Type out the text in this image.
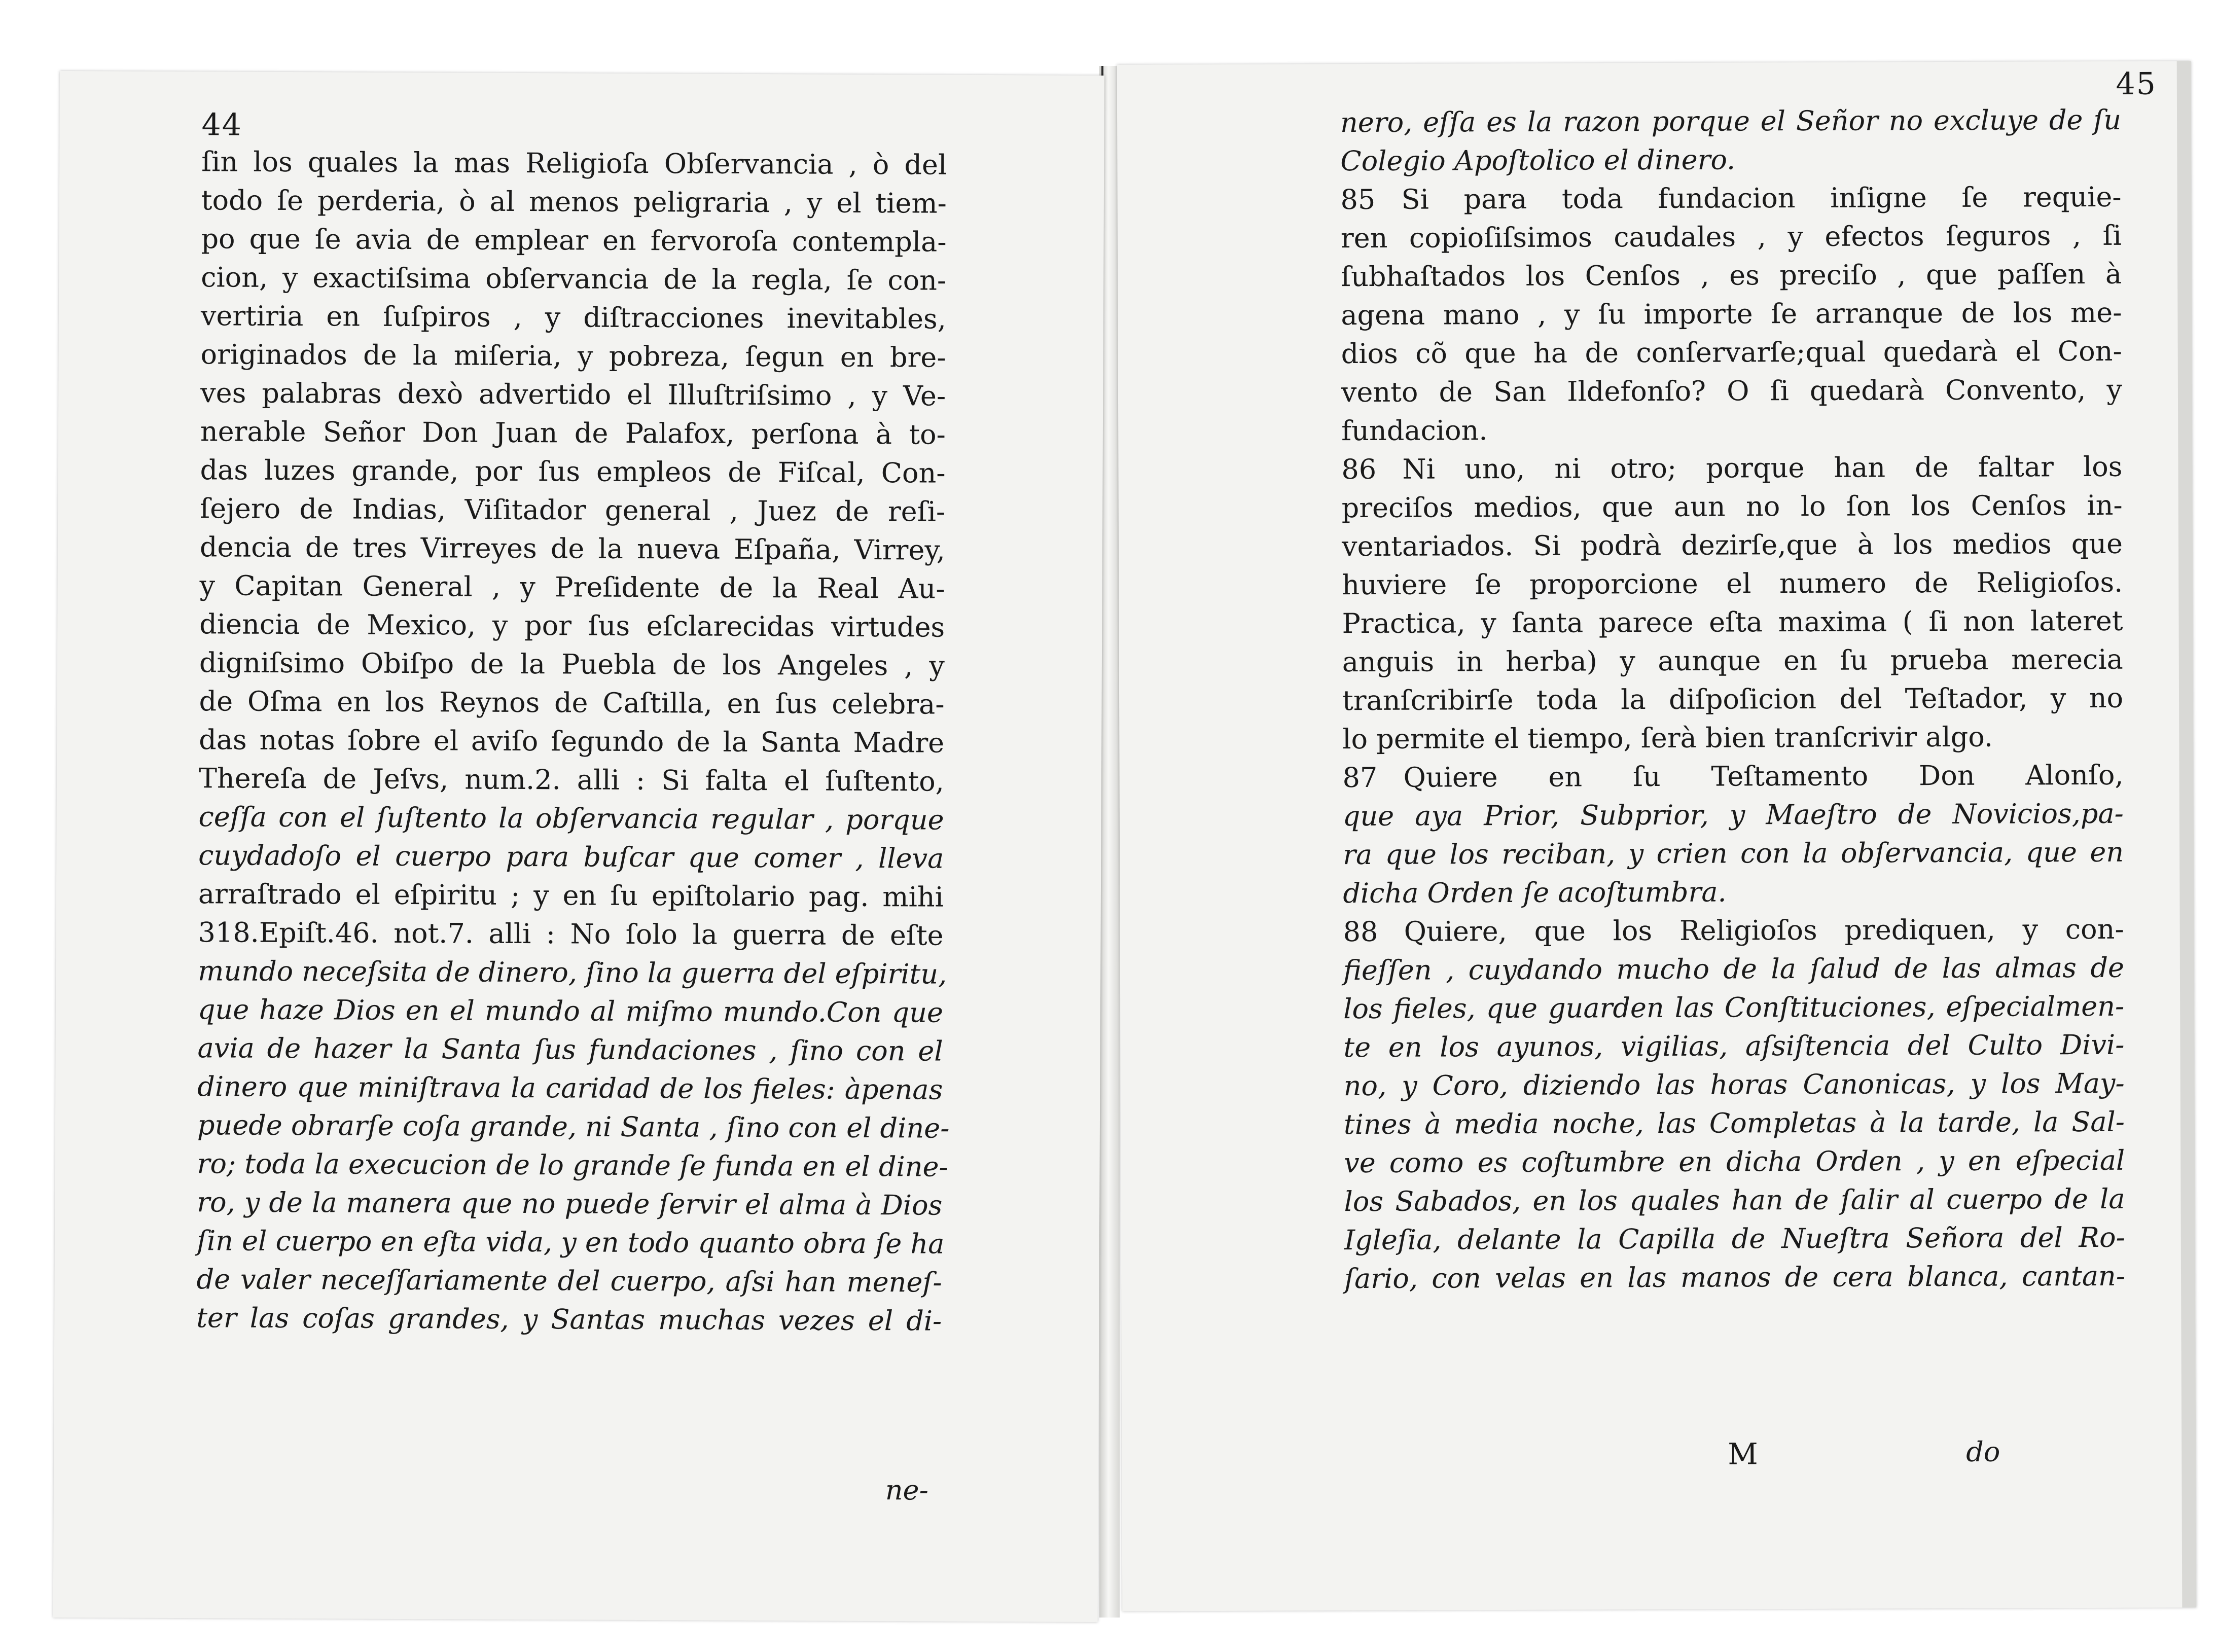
44
ſin los quales la mas Religioſa Obſervancia , ò del
todo ſe perderia, ò al menos peligraria , y el tiem-
po que ſe avia de emplear en fervoroſa contempla-
cion, y exactiſsima obſervancia de la regla, ſe con-
vertiria en ſuſpiros , y diſtracciones inevitables,
originados de la miſeria, y pobreza, ſegun en bre-
ves palabras dexò advertido el Illuſtriſsimo , y Ve-
nerable Señor Don Juan de Palafox, perſona à to-
das luzes grande, por ſus empleos de Fiſcal, Con-
ſejero de Indias, Viſitador general , Juez de reſi-
dencia de tres Virreyes de la nueva Eſpaña, Virrey,
y Capitan General , y Preſidente de la Real Au-
diencia de Mexico, y por ſus eſclarecidas virtudes
digniſsimo Obiſpo de la Puebla de los Angeles , y
de Oſma en los Reynos de Caſtilla, en ſus celebra-
das notas ſobre el aviſo ſegundo de la Santa Madre
Thereſa de Jeſvs, num.2. alli : Si falta el ſuſtento,
ceſſa con el ſuſtento la obſervancia regular , porque
cuydadoſo el cuerpo para buſcar que comer , lleva
arraſtrado el eſpiritu ; y en ſu epiſtolario pag. mihi
318.Epiſt.46. not.7. alli : No ſolo la guerra de eſte
mundo neceſsita de dinero, ſino la guerra del eſpiritu,
que haze Dios en el mundo al miſmo mundo.Con que
avia de hazer la Santa ſus fundaciones , ſino con el
dinero que miniſtrava la caridad de los fieles: àpenas
puede obrarſe coſa grande, ni Santa , ſino con el dine-
ro; toda la execucion de lo grande ſe funda en el dine-
ro, y de la manera que no puede ſervir el alma à Dios
ſin el cuerpo en eſta vida, y en todo quanto obra ſe ha
de valer neceſſariamente del cuerpo, aſsi han meneſ-
ter las coſas grandes, y Santas muchas vezes el di-
ne-
45
nero, eſſa es la razon porque el Señor no excluye de ſu
Colegio Apoſtolico el dinero.
85 Si para toda fundacion inſigne ſe requie-
ren copioſiſsimos caudales , y efectos ſeguros , ſi
ſubhaſtados los Cenſos , es preciſo , que paſſen à
agena mano , y ſu importe ſe arranque de los me-
dios cõ que ha de conſervarſe;qual quedarà el Con-
vento de San Ildefonſo? O ſi quedarà Convento, y
fundacion.
86 Ni uno, ni otro; porque han de faltar los
preciſos medios, que aun no lo ſon los Cenſos in-
ventariados. Si podrà dezirſe,que à los medios que
huviere ſe proporcione el numero de Religioſos.
Practica, y ſanta parece eſta maxima ( ſi non lateret
anguis in herba) y aunque en ſu prueba merecia
tranſcribirſe toda la diſpoſicion del Teſtador, y no
lo permite el tiempo, ſerà bien tranſcrivir algo.
87 Quiere en ſu Teſtamento Don Alonſo,
que aya Prior, Subprior, y Maeſtro de Novicios,pa-
ra que los reciban, y crien con la obſervancia, que en
dicha Orden ſe acoſtumbra.
88 Quiere, que los Religioſos prediquen, y con-
fieſſen , cuydando mucho de la ſalud de las almas de
los fieles, que guarden las Conſtituciones, eſpecialmen-
te en los ayunos, vigilias, aſsiſtencia del Culto Divi-
no, y Coro, diziendo las horas Canonicas, y los May-
tines à media noche, las Completas à la tarde, la Sal-
ve como es coſtumbre en dicha Orden , y en eſpecial
los Sabados, en los quales han de ſalir al cuerpo de la
Igleſia, delante la Capilla de Nueſtra Señora del Ro-
ſario, con velas en las manos de cera blanca, cantan-
M	do
